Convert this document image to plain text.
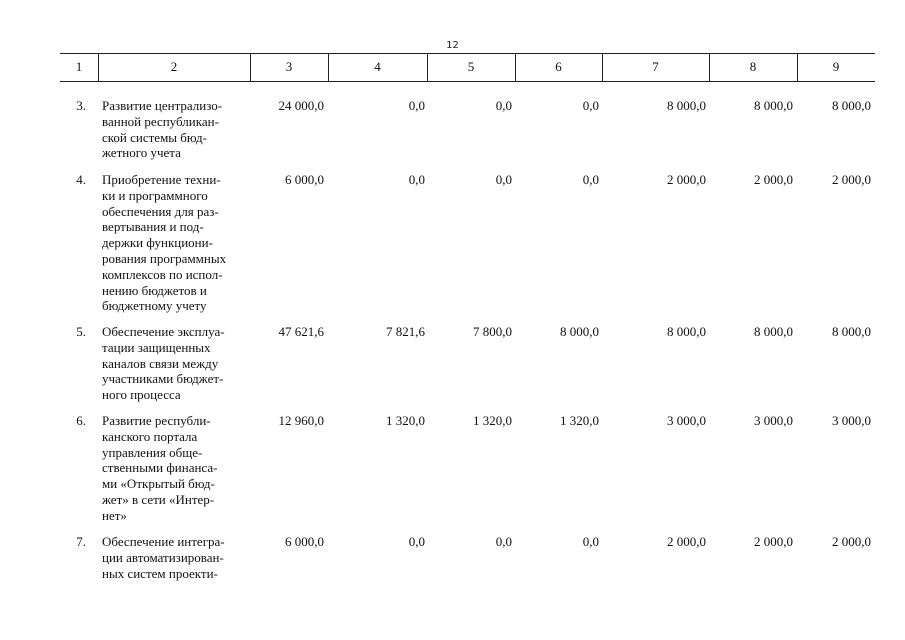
12
1	2	3	4	5	6	7	8	9
3. Развитие централизо-
ванной республикан-
ской системы бюд-
жетного учета
24 000,0	0,0	0,0	0,0	8 000,0	8 000,0	8 000,0
4. Приобретение техни-
ки и программного
обеспечения для раз-
вертывания и под-
держки функциони-
рования программных
комплексов по испол-
нению бюджетов и
бюджетному учету
6 000,0	0,0	0,0	0,0	2 000,0	2 000,0	2 000,0
5. Обеспечение эксплуа-
тации защищенных
каналов связи между
участниками бюджет-
ного процесса
47 621,6	7 821,6	7 800,0	8 000,0	8 000,0	8 000,0	8 000,0
6. Развитие республи-
канского портала
управления обще-
ственными финанса-
ми «Открытый бюд-
жет» в сети «Интер-
нет»
12 960,0	1 320,0	1 320,0	1 320,0	3 000,0	3 000,0	3 000,0
7. Обеспечение интегра-
ции автоматизирован-
ных систем проекти-
6 000,0	0,0	0,0	0,0	2 000,0	2 000,0	2 000,0
